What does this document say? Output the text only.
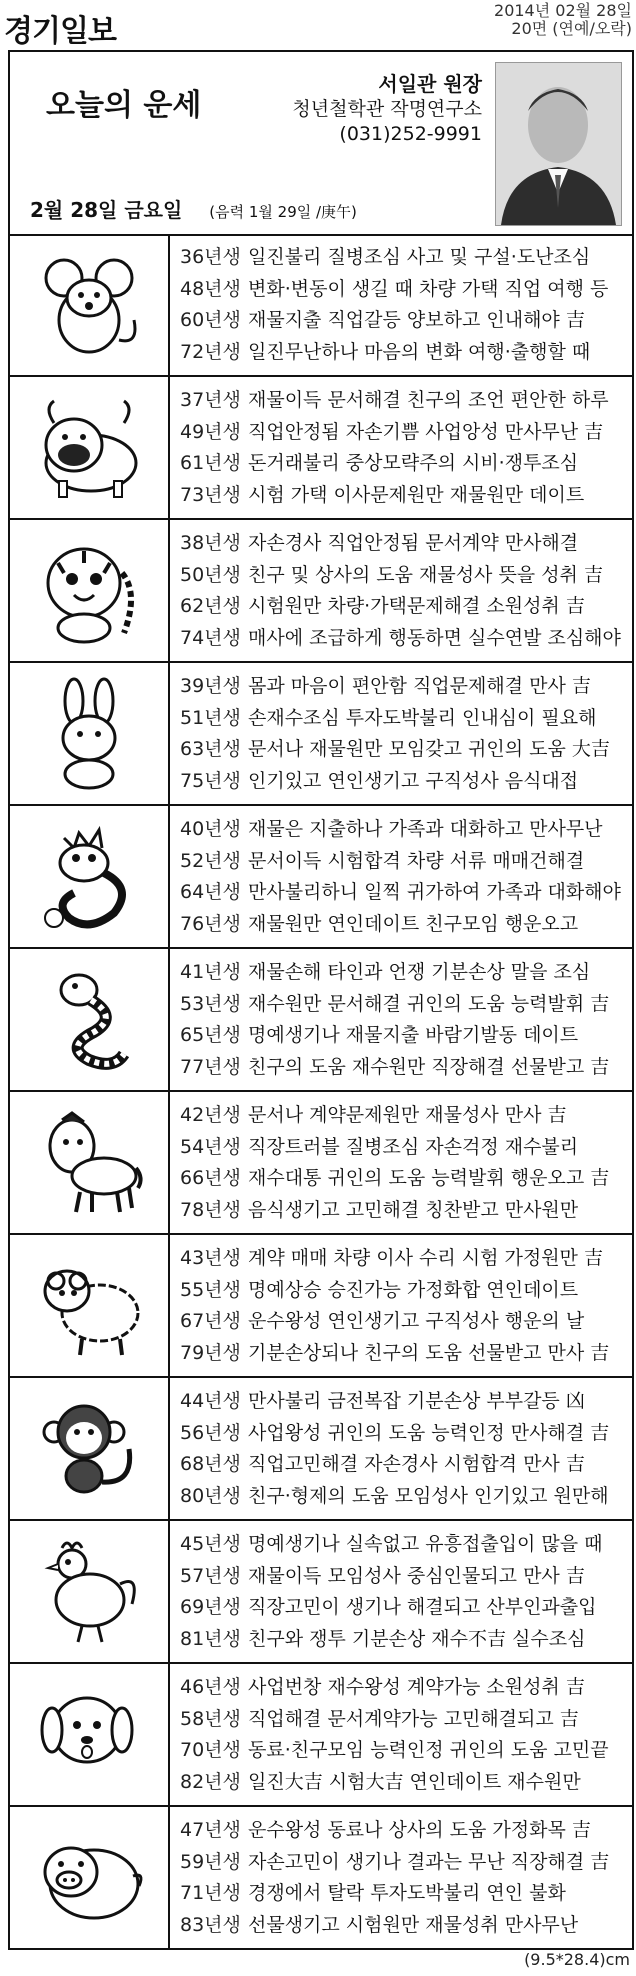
경기일보
2014년 02월 28일
20면 (연예/오락)
오늘의 운세
서일관 원장
청년철학관 작명연구소
(031)252-9991
2월 28일 금요일 (음력 1월 29일 /庚午)
36년생 일진불리 질병조심 사고 및 구설·도난조심
48년생 변화·변동이 생길 때 차량 가택 직업 여행 등
60년생 재물지출 직업갈등 양보하고 인내해야 吉
72년생 일진무난하나 마음의 변화 여행·출행할 때
37년생 재물이득 문서해결 친구의 조언 편안한 하루
49년생 직업안정됨 자손기쁨 사업앙성 만사무난 吉
61년생 돈거래불리 중상모략주의 시비·쟁투조심
73년생 시험 가택 이사문제원만 재물원만 데이트
38년생 자손경사 직업안정됨 문서계약 만사해결
50년생 친구 및 상사의 도움 재물성사 뜻을 성취 吉
62년생 시험원만 차량·가택문제해결 소원성취 吉
74년생 매사에 조급하게 행동하면 실수연발 조심해야
39년생 몸과 마음이 편안함 직업문제해결 만사 吉
51년생 손재수조심 투자도박불리 인내심이 필요해
63년생 문서나 재물원만 모임갖고 귀인의 도움 大吉
75년생 인기있고 연인생기고 구직성사 음식대접
40년생 재물은 지출하나 가족과 대화하고 만사무난
52년생 문서이득 시험합격 차량 서류 매매건해결
64년생 만사불리하니 일찍 귀가하여 가족과 대화해야
76년생 재물원만 연인데이트 친구모임 행운오고
41년생 재물손해 타인과 언쟁 기분손상 말을 조심
53년생 재수원만 문서해결 귀인의 도움 능력발휘 吉
65년생 명예생기나 재물지출 바람기발동 데이트
77년생 친구의 도움 재수원만 직장해결 선물받고 吉
42년생 문서나 계약문제원만 재물성사 만사 吉
54년생 직장트러블 질병조심 자손걱정 재수불리
66년생 재수대통 귀인의 도움 능력발휘 행운오고 吉
78년생 음식생기고 고민해결 칭찬받고 만사원만
43년생 계약 매매 차량 이사 수리 시험 가정원만 吉
55년생 명예상승 승진가능 가정화합 연인데이트
67년생 운수왕성 연인생기고 구직성사 행운의 날
79년생 기분손상되나 친구의 도움 선물받고 만사 吉
44년생 만사불리 금전복잡 기분손상 부부갈등 凶
56년생 사업왕성 귀인의 도움 능력인정 만사해결 吉
68년생 직업고민해결 자손경사 시험합격 만사 吉
80년생 친구·형제의 도움 모임성사 인기있고 원만해
45년생 명예생기나 실속없고 유흥접출입이 많을 때
57년생 재물이득 모임성사 중심인물되고 만사 吉
69년생 직장고민이 생기나 해결되고 산부인과출입
81년생 친구와 쟁투 기분손상 재수不吉 실수조심
46년생 사업번창 재수왕성 계약가능 소원성취 吉
58년생 직업해결 문서계약가능 고민해결되고 吉
70년생 동료·친구모임 능력인정 귀인의 도움 고민끝
82년생 일진大吉 시험大吉 연인데이트 재수원만
47년생 운수왕성 동료나 상사의 도움 가정화목 吉
59년생 자손고민이 생기나 결과는 무난 직장해결 吉
71년생 경쟁에서 탈락 투자도박불리 연인 불화
83년생 선물생기고 시험원만 재물성취 만사무난
(9.5*28.4)cm
